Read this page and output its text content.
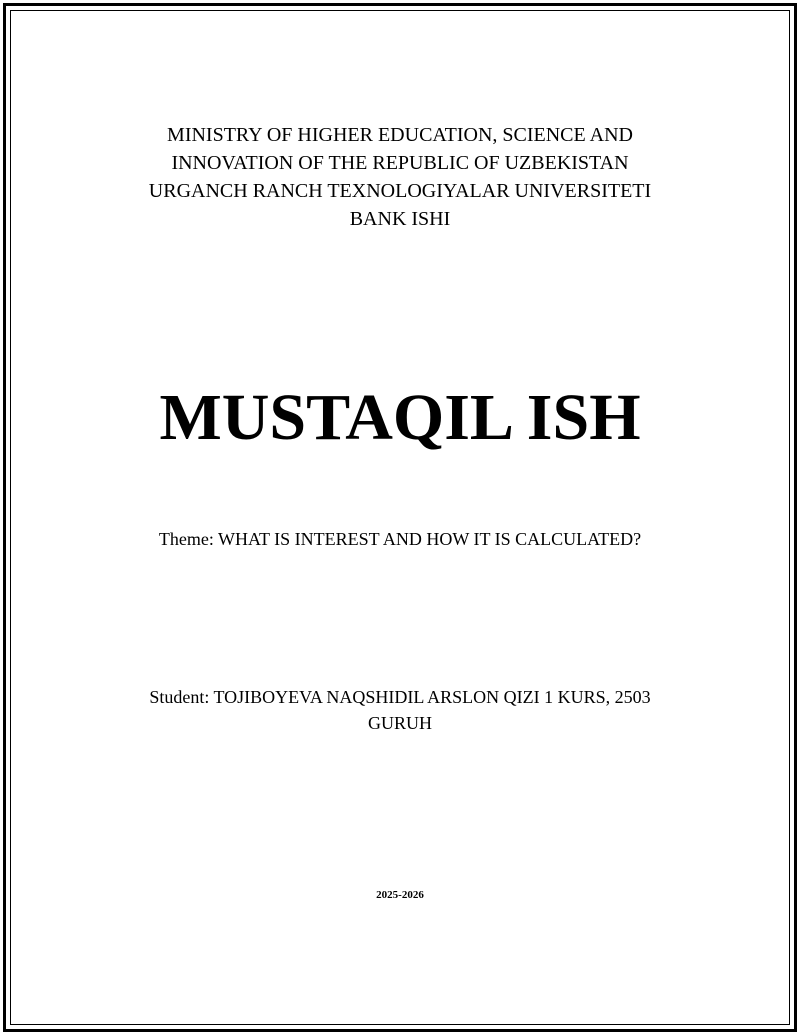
MINISTRY OF HIGHER EDUCATION, SCIENCE AND
INNOVATION OF THE REPUBLIC OF UZBEKISTAN
URGANCH RANCH TEXNOLOGIYALAR UNIVERSITETI
BANK ISHI
MUSTAQIL ISH
Theme: WHAT IS INTEREST AND HOW IT IS CALCULATED?
Student: TOJIBOYEVA NAQSHIDIL ARSLON QIZI 1 KURS, 2503 GURUH
2025-2026
